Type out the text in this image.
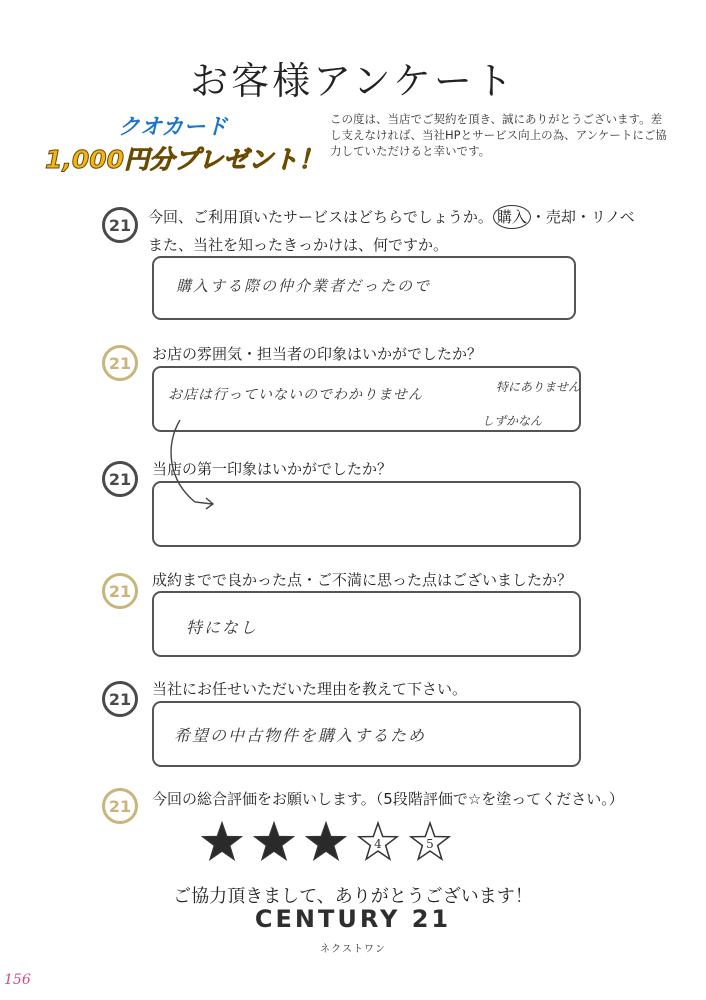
お客様アンケート
クオカード
1,000円分プレゼント！
この度は、当店でご契約を頂き、誠にありがとうございます。差し支えなければ、当社HPとサービス向上の為、アンケートにご協力していただけると幸いです。
21 今回、ご利用頂いたサービスはどちらでしょうか。 購入 ・売却・リノベ
また、当社を知ったきっかけは、何ですか。
購入する際の仲介業者だったので
21 お店の雰囲気・担当者の印象はいかがでしたか？
お店は行っていないのでわかりません	特にありません
しずかなん
21
当店の第一印象はいかがでしたか？
21
成約までで良かった点・ご不満に思った点はございましたか？
特になし
21
当社にお任せいただいた理由を教えて下さい。
希望の中古物件を購入するため
21 今回の総合評価をお願いします。（5段階評価で☆を塗ってください。）
4	5
ご協力頂きまして、ありがとうございます！
CENTURY 21
ネクストワン
156
